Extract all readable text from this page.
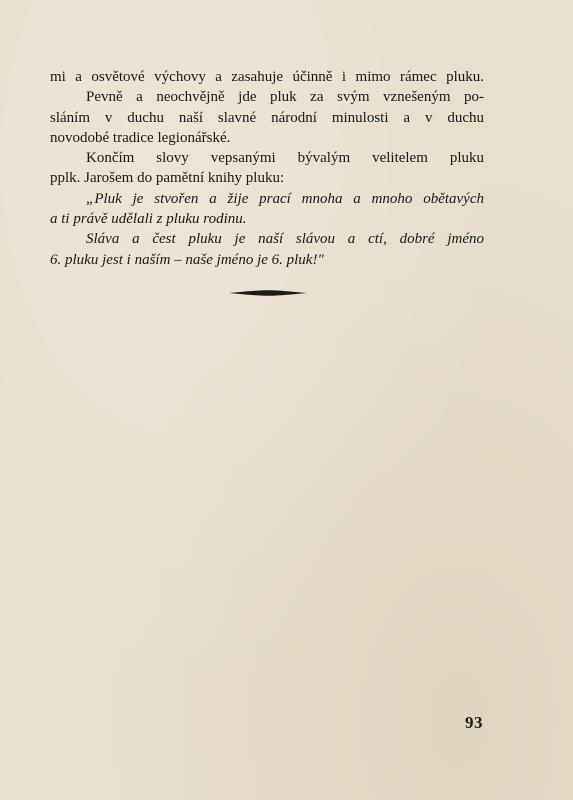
mi a osvětové výchovy a zasahuje účinně i mimo rámec pluku.
Pevně a neochvějně jde pluk za svým vznešeným po-
sláním v duchu naší slavné národní minulosti a v duchu
novodobé tradice legionářské.
Končím slovy vepsanými bývalým velitelem pluku
pplk. Jarošem do pamětní knihy pluku:
„Pluk je stvořen a žije prací mnoha a mnoho obětavých
a ti právě udělali z pluku rodinu.
Sláva a čest pluku je naší slávou a ctí, dobré jméno
6. pluku jest i naším – naše jméno je 6. pluk!"
93
